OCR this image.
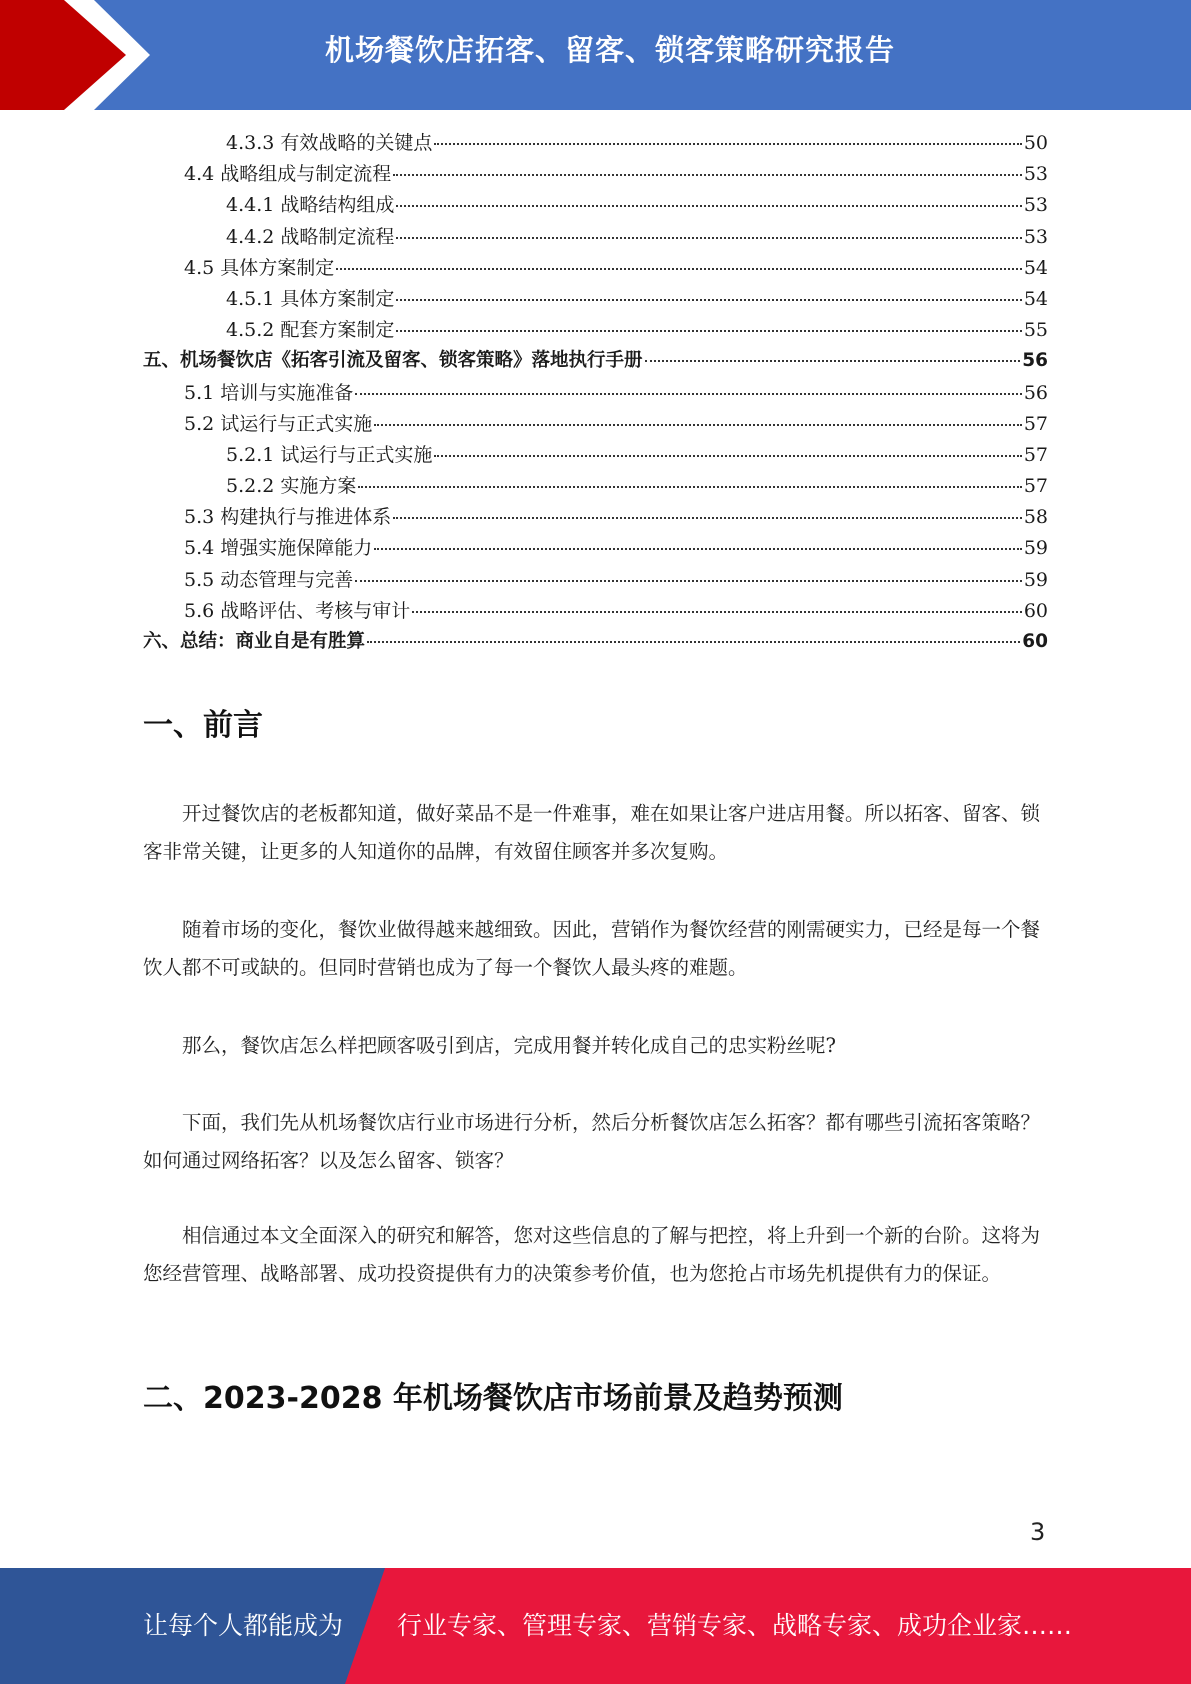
机场餐饮店拓客、留客、锁客策略研究报告
4.3.3 有效战略的关键点	50
4.4 战略组成与制定流程	53
4.4.1 战略结构组成	53
4.4.2 战略制定流程	53
4.5 具体方案制定	54
4.5.1 具体方案制定	54
4.5.2 配套方案制定	55
五、机场餐饮店《拓客引流及留客、锁客策略》落地执行手册	56
5.1 培训与实施准备	56
5.2 试运行与正式实施	57
5.2.1 试运行与正式实施	57
5.2.2 实施方案	57
5.3 构建执行与推进体系	58
5.4 增强实施保障能力	59
5.5 动态管理与完善	59
5.6 战略评估、考核与审计	60
六、总结：商业自是有胜算	60
一、前言
开过餐饮店的老板都知道，做好菜品不是一件难事，难在如果让客户进店用餐。所以拓客、留客、锁客非常关键，让更多的人知道你的品牌，有效留住顾客并多次复购。
随着市场的变化，餐饮业做得越来越细致。因此，营销作为餐饮经营的刚需硬实力，已经是每一个餐饮人都不可或缺的。但同时营销也成为了每一个餐饮人最头疼的难题。
那么，餐饮店怎么样把顾客吸引到店，完成用餐并转化成自己的忠实粉丝呢?
下面，我们先从机场餐饮店行业市场进行分析，然后分析餐饮店怎么拓客？都有哪些引流拓客策略？如何通过网络拓客？以及怎么留客、锁客？
相信通过本文全面深入的研究和解答，您对这些信息的了解与把控，将上升到一个新的台阶。这将为您经营管理、战略部署、成功投资提供有力的决策参考价值，也为您抢占市场先机提供有力的保证。
二、2023-2028 年机场餐饮店市场前景及趋势预测
3
让每个人都能成为 行业专家、管理专家、营销专家、战略专家、成功企业家……
